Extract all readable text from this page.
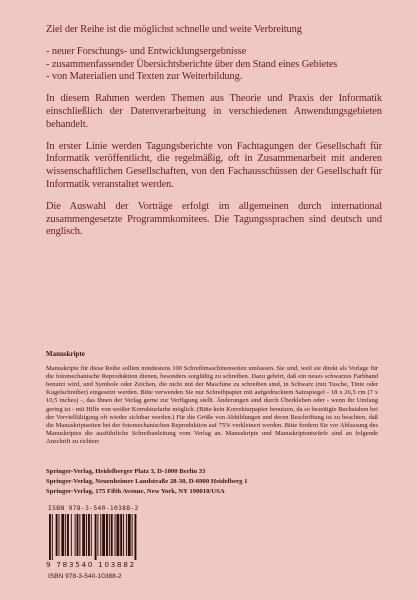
Ziel der Reihe ist die möglichst schnelle und weite Verbreitung

- neuer Forschungs- und Entwicklungsergebnisse
- zusammenfassender Übersichtsberichte über den Stand eines Gebietes
- von Materialien und Texten zur Weiterbildung.

In diesem Rahmen werden Themen aus Theorie und Praxis der Informatik einschließlich der Datenverarbeitung in verschiedenen Anwendungsgebieten behandelt.

In erster Linie werden Tagungsberichte von Fachtagungen der Gesellschaft für Informatik veröffentlicht, die regelmäßig, oft in Zusammenarbeit mit anderen wissenschaftlichen Gesellschaften, von den Fachausschüssen der Gesellschaft für Informatik veranstaltet werden.

Die Auswahl der Vorträge erfolgt im allgemeinen durch international zusammengesetzte Programmkomitees. Die Tagungssprachen sind deutsch und englisch.

Manuskripte

Manuskripte für diese Reihe sollten mindestens 100 Schreibmaschinenseiten umfassen. Sie sind, weil sie direkt als Vorlage für die fotomechanische Reproduktion dienen, besonders sorgfältig zu schreiben. Dazu gehört, daß ein neues schwarzes Farbband benutzt wird, und Symbole oder Zeichen, die nicht mit der Maschine zu schreiben sind, in Schwarz (mit Tusche, Tinte oder Kugelschreiber) eingesetzt werden. Bitte verwenden Sie nur Schreibpapier mit aufgedrucktem Satzspiegel - 18 x 26,5 cm (7 x 10,5 inches) -, das Ihnen der Verlag gerne zur Verfügung stellt. Änderungen sind durch Überkleben oder - wenn ihr Umfang gering ist - mit Hilfe von weißer Korrekturfarbe möglich. (Bitte kein Korrekturpapier benutzen, da so beseitigte Buchstaben bei der Vervielfältigung oft wieder sichtbar werden.) Für die Größe von Abbildungen und deren Beschriftung ist zu beachten, daß die Manuskriptseiten bei der fotomechanischen Reproduktion auf 75% verkleinert werden. Bitte fordern Sie vor Abfassung des Manuskriptes die ausführliche Schreibanleitung vom Verlag an. Manuskripte und Manuskriptentwürfe sind an folgende Anschrift zu richten:

Springer-Verlag, Heidelberger Platz 3, D-1000 Berlin 33
Springer-Verlag, Neuenheimer Landstraße 28-30, D-6900 Heidelberg 1
Springer-Verlag, 175 Fifth Avenue, New York, NY 190010/USA
ISBN 978-3-540-10388-2
9 783540 103882
ISBN 978-3-540-10388-2
